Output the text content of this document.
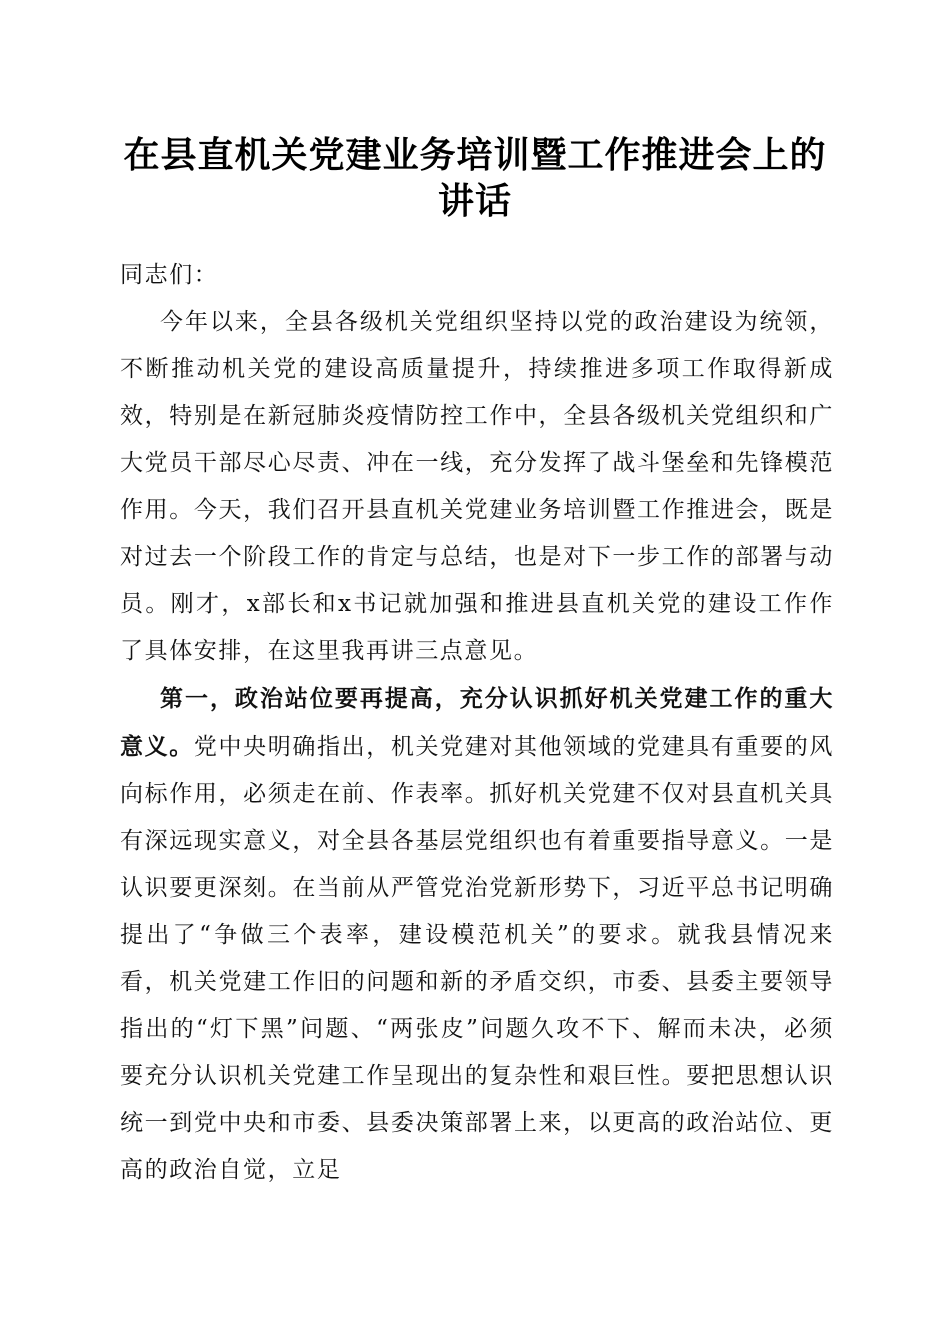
在县直机关党建业务培训暨工作推进会上的讲话

同志们：

今年以来，全县各级机关党组织坚持以党的政治建设为统领，不断推动机关党的建设高质量提升，持续推进多项工作取得新成效，特别是在新冠肺炎疫情防控工作中，全县各级机关党组织和广大党员干部尽心尽责、冲在一线，充分发挥了战斗堡垒和先锋模范作用。今天，我们召开县直机关党建业务培训暨工作推进会，既是对过去一个阶段工作的肯定与总结，也是对下一步工作的部署与动员。刚才，x部长和x书记就加强和推进县直机关党的建设工作作了具体安排，在这里我再讲三点意见。

第一，政治站位要再提高，充分认识抓好机关党建工作的重大意义。党中央明确指出，机关党建对其他领域的党建具有重要的风向标作用，必须走在前、作表率。抓好机关党建不仅对县直机关具有深远现实意义，对全县各基层党组织也有着重要指导意义。一是认识要更深刻。在当前从严管党治党新形势下，习近平总书记明确提出了“争做三个表率，建设模范机关”的要求。就我县情况来看，机关党建工作旧的问题和新的矛盾交织，市委、县委主要领导指出的“灯下黑”问题、“两张皮”问题久攻不下、解而未决，必须要充分认识机关党建工作呈现出的复杂性和艰巨性。要把思想认识统一到党中央和市委、县委决策部署上来，以更高的政治站位、更高的政治自觉，立足
